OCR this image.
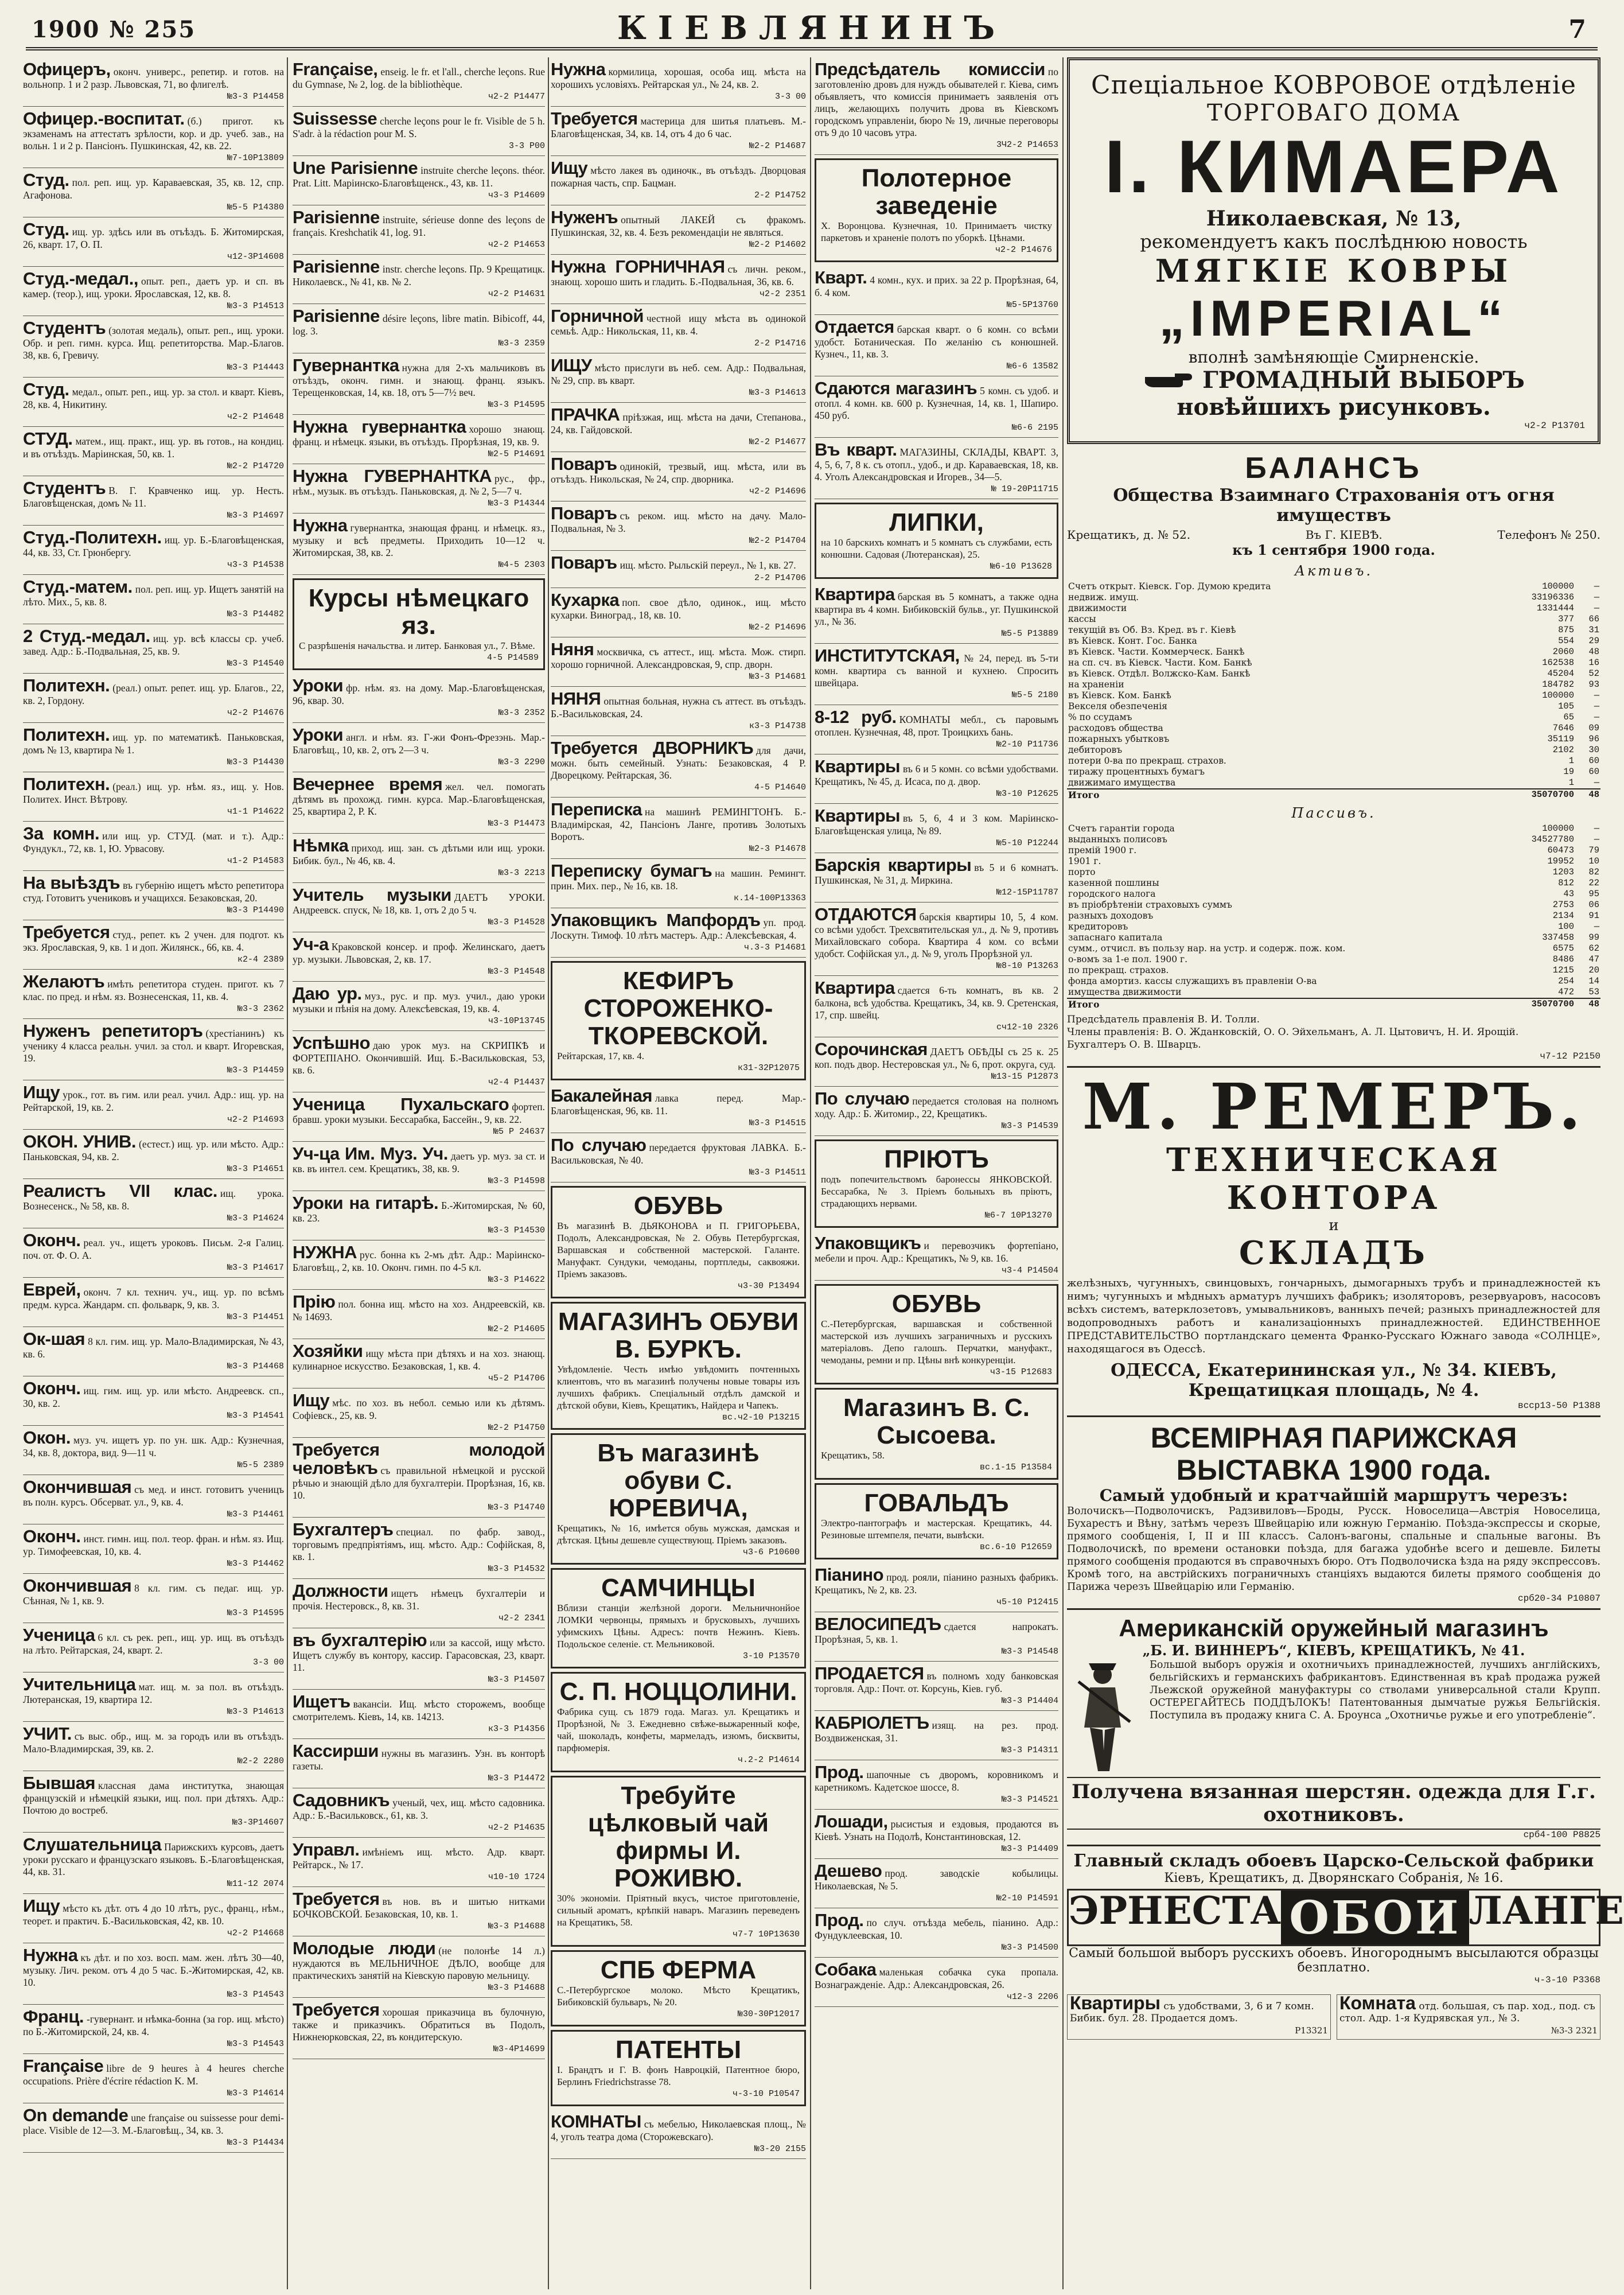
1900 № 255	КІЕВЛЯНИНЪ	7
Офицеръ, оконч. универс., репетир. и готов. на вольнопр. 1 и 2 разр. Львовская, 71, во флигелѣ.
№3-3 Р14458
Офицер.-воспитат. (б.) пригот. къ экзаменамъ на аттестатъ зрѣлости, кор. и др. учеб. зав., на вольн. 1 и 2 р. Пансіонъ. Пушкинская, 42, кв. 22.
№7-10Р13809
Студ. пол. реп. ищ. ур. Караваевская, 35, кв. 12, спр. Агафонова.
№5-5 Р14380
Студ. ищ. ур. здѣсь или въ отъѣздъ. Б. Житомирская, 26, кварт. 17, О. П.
ч12-3Р14608
Студ.-медал., опыт. реп., даетъ ур. и сп. въ камер. (теор.), ищ. уроки. Ярославская, 12, кв. 8.
№3-3 Р14513
Студентъ (золотая медаль), опыт. реп., ищ. уроки. Обр. и реп. гимн. курса. Ищ. репетиторства. Мар.-Благов. 38, кв. 6, Гревичу.
№3-3 Р14443
Студ. медал., опыт. реп., ищ. ур. за стол. и кварт. Кіевъ, 28, кв. 4, Никитину.
ч2-2 Р14648
СТУД. матем., ищ. практ., ищ. ур. въ готов., на кондиц. и въ отъѣздъ. Маріинская, 50, кв. 1.
№2-2 Р14720
Студентъ В. Г. Кравченко ищ. ур. Несть. Благовѣщенская, домъ № 11.
№3-3 Р14697
Студ.-Политехн. ищ. ур. Б.-Благовѣщенская, 44, кв. 33, Ст. Грюнбергу.
ч3-3 Р14538
Студ.-матем. пол. реп. ищ. ур. Ищетъ занятій на лѣто. Мих., 5, кв. 8.
№3-3 Р14482
2 Студ.-медал. ищ. ур. всѣ классы ср. учеб. завед. Адр.: Б.-Подвальная, 25, кв. 9.
№3-3 Р14540
Политехн. (реал.) опыт. репет. ищ. ур. Благов., 22, кв. 2, Гордону.
ч2-2 Р14676
Политехн. ищ. ур. по математикѣ. Паньковская, домъ № 13, квартира № 1.
№3-3 Р14430
Политехн. (реал.) ищ. ур. нѣм. яз., ищ. у. Нов. Политех. Инст. Вѣтрову.
ч1-1 Р14622
За комн. или ищ. ур. СТУД. (мат. и т.). Адр.: Фундукл., 72, кв. 1, Ю. Урвасову.
ч1-2 Р14583
На выѣздъ въ губернію ищетъ мѣсто репетитора студ. Готовитъ учениковъ и учащихся. Безаковская, 20.
№3-3 Р14490
Требуется студ., репет. къ 2 учен. для подгот. къ экз. Ярославская, 9, кв. 1 и доп. Жилянск., 66, кв. 4.
к2-4 2389
Желаютъ имѣть репетитора студен. пригот. къ 7 клас. по пред. и нѣм. яз. Вознесенская, 11, кв. 4.
№3-3 2362
Нуженъ репетиторъ (хрестіанинъ) къ ученику 4 класса реальн. учил. за стол. и кварт. Игоревская, 19.
№3-3 Р14459
Ищу урок., гот. въ гим. или реал. учил. Адр.: ищ. ур. на Рейтарской, 19, кв. 2.
ч2-2 Р14693
ОКОН. УНИВ. (естест.) ищ. ур. или мѣсто. Адр.: Паньковская, 94, кв. 2.
№3-3 Р14651
Реалистъ VII клас. ищ. урока. Вознесенск., № 58, кв. 8.
№3-3 Р14624
Оконч. реал. уч., ищетъ уроковъ. Письм. 2-я Галиц. поч. от. Ф. О. А.
№3-3 Р14617
Еврей, оконч. 7 кл. технич. уч., ищ. ур. по всѣмъ предм. курса. Жандарм. сп. фольварк, 9, кв. 3.
№3-3 Р14451
Ок-шая 8 кл. гим. ищ. ур. Мало-Владимирская, № 43, кв. 6.
№3-3 Р14468
Оконч. ищ. гим. ищ. ур. или мѣсто. Андреевск. сп., 30, кв. 2.
№3-3 Р14541
Окон. муз. уч. ищетъ ур. по ун. шк. Адр.: Кузнечная, 34, кв. 8, доктора, вид. 9—11 ч.
№5-5 2389
Окончившая съ мед. и инст. готовитъ ученицъ въ полн. курсъ. Обсерват. ул., 9, кв. 4.
№3-3 Р14461
Оконч. инст. гимн. ищ. пол. теор. фран. и нѣм. яз. Ищ. ур. Тимофеевская, 10, кв. 4.
№3-3 Р14462
Окончившая 8 кл. гим. съ педаг. ищ. ур. Сѣнная, № 1, кв. 9.
№3-3 Р14595
Ученица 6 кл. съ рек. реп., ищ. ур. ищ. въ отъѣздъ на лѣто. Рейтарская, 24, кварт. 2.
3-3 00
Учительница мат. ищ. м. за пол. въ отъѣздъ. Лютеранская, 19, квартира 12.
№3-3 Р14613
УЧИТ. съ выс. обр., ищ. м. за городъ или въ отъѣздъ. Мало-Владимирская, 39, кв. 2.
№2-2 2280
Бывшая классная дама институтка, знающая французскій и нѣмецкій языки, ищ. пол. при дѣтяхъ. Адр.: Почтою до востреб.
№3-3Р14607
Слушательница Парижскихъ курсовъ, даетъ уроки русскаго и французскаго языковъ. Б.-Благовѣщенская, 44, кв. 31.
№11-12 2074
Ищу мѣсто къ дѣт. отъ 4 до 10 лѣтъ, рус., франц., нѣм., теорет. и практич. Б.-Васильковская, 42, кв. 10.
ч2-2 Р14668
Нужна къ дѣт. и по хоз. восп. мам. жен. лѣтъ 30—40, музыку. Лич. реком. отъ 4 до 5 час. Б.-Житомирская, 42, кв. 10.
№3-3 Р14543
Франц. -гувернант. и нѣмка-бонна (за гор. ищ. мѣсто) по Б.-Житомирской, 24, кв. 4.
№3-3 Р14543
Française libre de 9 heures à 4 heures cherche occupations. Prière d'écrire rédaction K. M.
№3-3 Р14614
On demande une française ou suissesse pour demi-place. Visible de 12—3. М.-Благовѣщ., 34, кв. 3.
№3-3 Р14434
Française, enseig. le fr. et l'all., cherche leçons. Rue du Gymnase, № 2, log. de la bibliothèque.
ч2-2 Р14477
Suissesse cherche leçons pour le fr. Visible de 5 h. S'adr. à la rédaction pour M. S.
3-3 Р00
Une Parisienne instruite cherche leçons. théor. Prat. Litt. Маріинско-Благовѣщенск., 43, кв. 11.
ч3-3 Р14609
Parisienne instruite, sérieuse donne des leçons de français. Kreshchatik 41, log. 91.
ч2-2 Р14653
Parisienne instr. cherche leçons. Пр. 9 Крещатицк. Николаевск., № 41, кв. № 2.
ч2-2 Р14631
Parisienne désire leçons, libre matin. Bibicoff, 44, log. 3.
№3-3 2359
Гувернантка нужна для 2-хъ мальчиковъ въ отъѣздъ, оконч. гимн. и знающ. франц. языкъ. Терещенковская, 14, кв. 18, отъ 5—7½ веч.
№3-3 Р14595
Нужна гувернантка хорошо знающ. франц. и нѣмецк. языки, въ отъѣздъ. Прорѣзная, 19, кв. 9.
№2-5 Р14691
Нужна ГУВЕРНАНТКА рус., фр., нѣм., музык. въ отъѣздъ. Паньковская, д. № 2, 5—7 ч.
№3-3 Р14344
Нужна гувернантка, знающая франц. и нѣмецк. яз., музыку и всѣ предметы. Приходить 10—12 ч. Житомирская, 38, кв. 2.
№4-5 2303
Курсы нѣмецкаго яз.
С разрѣшенія начальства. и литер. Банковая ул., 7. Вѣме.
4-5 Р14589
Уроки фр. нѣм. яз. на дому. Мар.-Благовѣщенская, 96, квар. 30.
№3-3 2352
Уроки англ. и нѣм. яз. Г-жи Фонъ-Фрезэнь. Мар.-Благовѣщ., 10, кв. 2, отъ 2—3 ч.
№3-3 2290
Вечернее время жел. чел. помогать дѣтямъ въ прохожд. гимн. курса. Мар.-Благовѣщенская, 25, квартира 2, Р. К.
№3-3 Р14473
Нѣмка приход. ищ. зан. съ дѣтьми или ищ. уроки. Бибик. бул., № 46, кв. 4.
№3-3 2213
Учитель музыки ДАЕТЪ УРОКИ. Андреевск. спуск, № 18, кв. 1, отъ 2 до 5 ч.
№3-3 Р14528
Уч-а Краковской консер. и проф. Желинскаго, даетъ ур. музыки. Львовская, 2, кв. 17.
№3-3 Р14548
Даю ур. муз., рус. и пр. муз. учил., даю уроки музыки и пѣнія на дому. Алексѣевская, 19, кв. 4.
ч3-10Р13745
Успѣшно даю урок муз. на СКРИПКѢ и ФОРТЕПІАНО. Окончившій. Ищ. Б.-Васильковская, 53, кв. 6.
ч2-4 Р14437
Ученица Пухальскаго фортеп. бравш. уроки музыки. Бессарабка, Бассейн., 9, кв. 22.
№5 Р 24637
Уч-ца Им. Муз. Уч. даетъ ур. муз. за ст. и кв. въ интел. сем. Крещатикъ, 38, кв. 9.
№3-3 Р14598
Уроки на гитарѣ. Б.-Житомирская, № 60, кв. 23.
№3-3 Р14530
НУЖНА рус. бонна къ 2-мъ дѣт. Адр.: Маріинско-Благовѣщ., 2, кв. 10. Оконч. гимн. по 4-5 кл.
№3-3 Р14622
Прію пол. бонна ищ. мѣсто на хоз. Андреевскій, кв. № 14693.
№2-2 Р14605
Хозяйки ищу мѣста при дѣтяхъ и на хоз. знающ. кулинарное искусство. Безаковская, 1, кв. 4.
ч5-2 Р14706
Ищу мѣс. по хоз. въ небол. семью или къ дѣтямъ. Софіевск., 25, кв. 9.
№2-2 Р14750
Требуется молодой человѣкъ съ правильной нѣмецкой и русской рѣчью и знающій дѣло для бухгалтеріи. Прорѣзная, 16, кв. 10.
№3-3 Р14740
Бухгалтеръ специал. по фабр. завод., торговымъ предпріятіямъ, ищ. мѣсто. Адр.: Софійская, 8, кв. 1.
№3-3 Р14532
Должности ищетъ нѣмецъ бухгалтеріи и прочія. Нестеровск., 8, кв. 31.
ч2-2 2341
въ бухгалтерію или за кассой, ищу мѣсто. Ищетъ службу въ контору, кассир. Гарасовская, 23, кварт. 11.
№3-3 Р14507
Ищетъ вакансіи. Ищ. мѣсто сторожемъ, вообще смотрителемъ. Кіевъ, 14, кв. 14213.
к3-3 Р14356
Кассирши нужны въ магазинъ. Узн. въ конторѣ газеты.
№3-3 Р14472
Садовникъ ученый, чех, ищ. мѣсто садовника. Адр.: Б.-Васильковск., 61, кв. 3.
ч2-2 Р14635
Управл. имѣніемъ ищ. мѣсто. Адр. кварт. Рейтарск., № 17.
ч10-10 1724
Требуется въ нов. въ и шитью нитками БОЧКОВСКОЙ. Безаковская, 10, кв. 1.
№3-3 Р14688
Молодые люди (не полонѣе 14 л.) нуждаются въ МЕЛЬНИЧНОЕ ДѢЛО, вообще для практическихъ занятій на Кіевскую паровую мельницу.
№3-3 Р14688
Требуется хорошая приказчица въ булочную, также и приказчикъ. Обратиться въ Подолъ, Нижнеюрковская, 22, въ кондитерскую.
№3-4Р14699
Нужна кормилица, хорошая, особа ищ. мѣста на хорошихъ условіяхъ. Рейтарская ул., № 24, кв. 2.
3-3 00
Требуется мастерица для шитья платьевъ. М.-Благовѣщенская, 34, кв. 14, отъ 4 до 6 час.
№2-2 Р14687
Ищу мѣсто лакея въ одиночк., въ отъѣздъ. Дворцовая пожарная часть, спр. Бацман.
2-2 Р14752
Нуженъ опытный ЛАКЕЙ съ фракомъ. Пушкинская, 32, кв. 4. Безъ рекомендаціи не являться.
№2-2 Р14602
Нужна ГОРНИЧНАЯ съ личн. реком., знающ. хорошо шить и гладить. Б.-Подвальная, 36, кв. 6.
ч2-2 2351
Горничной честной ищу мѣста въ одинокой семьѣ. Адр.: Никольская, 11, кв. 4.
2-2 Р14716
ИЩУ мѣсто прислуги въ неб. сем. Адр.: Подвальная, № 29, спр. въ кварт.
№3-3 Р14613
ПРАЧКА пріѣзжая, ищ. мѣста на дачи, Степанова., 24, кв. Гайдовской.
№2-2 Р14677
Поваръ одинокій, трезвый, ищ. мѣста, или въ отъѣздъ. Никольская, № 24, спр. дворника.
ч2-2 Р14696
Поваръ съ реком. ищ. мѣсто на дачу. Мало-Подвальная, № 3.
№2-2 Р14704
Поваръ ищ. мѣсто. Рыльскій переул., № 1, кв. 27.
2-2 Р14706
Кухарка поп. свое дѣло, одинок., ищ. мѣсто кухарки. Виноград., 18, кв. 10.
№2-2 Р14696
Няня москвичка, съ аттест., ищ. мѣста. Мож. стирп. хорошо горничной. Александровская, 9, спр. дворн.
№3-3 Р14681
НЯНЯ опытная больная, нужна съ аттест. въ отъѣздъ. Б.-Васильковская, 24.
к3-3 Р14738
Требуется ДВОРНИКЪ для дачи, можн. быть семейный. Узнать: Безаковская, 4 Р. Дворецкому. Рейтарская, 36.
4-5 Р14640
Переписка на машинѣ РЕМИНГТОНЪ. Б.-Владимірская, 42, Пансіонъ Ланге, противъ Золотыхъ Воротъ.
№2-3 Р14678
Переписку бумагъ на машин. Ремингт. прин. Мих. пер., № 16, кв. 18.
к.14-100Р13363
Упаковщикъ Мапфордъ уп. прод. Лоскутн. Тимоф. 10 лѣтъ мастеръ. Адр.: Алексѣевская, 4.
ч.3-3 Р14681
КЕФИРЪ СТОРОЖЕНКО-ТКОРЕВСКОЙ.
Рейтарская, 17, кв. 4.
к31-32Р12075
Бакалейная лавка перед. Мар.-Благовѣщенская, 96, кв. 11.
№3-3 Р14515
По случаю передается фруктовая ЛАВКА. Б.-Васильковская, № 40.
№3-3 Р14511
ОБУВЬ
Въ магазинѣ В. ДЬЯКОНОВА и П. ГРИГОРЬЕВА, Подолъ, Александровская, № 2. Обувь Петербургская, Варшавская и собственной мастерской. Галанте. Мануфакт. Сундуки, чемоданы, портпледы, саквояжи. Пріемъ заказовъ.
ч3-30 Р13494
МАГАЗИНЪ ОБУВИ В. БУРКЪ.
Увѣдомленіе. Честь имѣю увѣдомить почтенныхъ клиентовъ, что въ магазинѣ получены новые товары изъ лучшихъ фабрикъ. Спеціальный отдѣлъ дамской и дѣтской обуви, Кіевъ, Крещатикъ, Найдера и Чапекъ.
вс.ч2-10 Р13215
Въ магазинѣ обуви С. ЮРЕВИЧА,
Крещатикъ, № 16, имѣется обувь мужская, дамская и дѣтская. Цѣны дешевле существующ. Пріемъ заказовъ.
ч3-6 Р10600
САМЧИНЦЫ
Вблизи станціи желѣзной дороги. Мельничнонйое ЛОМКИ червонцы, прямыхъ и брусковыхъ, лучшихъ уфимскихъ Цѣны. Адресъ: почтв Нежинъ. Кіевъ. Подольское селеніе. ст. Мельниковой.
3-10 Р13570
С. П. НОЦЦОЛИНИ.
Фабрика сущ. съ 1879 года. Магаз. ул. Крещатикъ и Прорѣзной, № 3. Ежедневно свѣже-выжаренный кофе, чай, шоколадъ, конфеты, мармеладъ, изюмъ, бисквиты, парфюмерія.
ч.2-2 Р14614
Требуйте цѣлковый чай фирмы И. РОЖИВЮ.
30% экономіи. Пріятный вкусъ, чистое приготовленіе, сильный ароматъ, крѣпкій наваръ. Магазинъ переведенъ на Крещатикъ, 58.
ч7-7 10Р13630
СПБ ФЕРМА
С.-Петербургское молоко. Мѣсто Крещатикъ, Бибиковскій бульваръ, № 20.
№30-30Р12017
ПАТЕНТЫ
І. Брандтъ и Г. В. фонъ Навроцкій, Патентное бюро, Берлинъ Friedrichstrasse 78.
ч-3-10 Р10547
КОМНАТЫ съ мебелью, Николаевская площ., № 4, уголъ театра дома (Сторожевскаго).
№3-20 2155
Предсѣдатель комиссіи по заготовленію дровъ для нуждъ обывателей г. Кіева, симъ объявляетъ, что комиссія принимаетъ заявленія отъ лицъ, желающихъ получить дрова въ Кіевскомъ городскомъ управленіи, бюро № 19, личные переговоры отъ 9 до 10 часовъ утра.
3Ч2-2 Р14653
Полотерное заведеніе
Х. Воронцова. Кузнечная, 10. Принимаетъ чистку паркетовъ и храненіе полотъ по уборкѣ. Цѣнами.
ч2-2 Р14676
Кварт. 4 комн., кух. и прих. за 22 р. Прорѣзная, 64, б. 4 ком.
№5-5Р13760
Отдается барская кварт. о 6 комн. со всѣми удобст. Ботаническая. По желанію съ конюшней. Кузнеч., 11, кв. 3.
№6-6 13582
Сдаются магазинъ 5 комн. съ удоб. и отопл. 4 комн. кв. 600 р. Кузнечная, 14, кв. 1, Шапиро. 450 руб.
№6-6 2195
Въ кварт. МАГАЗИНЫ, СКЛАДЫ, КВАРТ. 3, 4, 5, 6, 7, 8 к. съ отопл., удоб., и др. Караваевская, 18, кв. 4. Уголъ Александровская и Игорев., 34—5.
№ 19-20Р11715
ЛИПКИ,
на 10 барскихъ комнатъ и 5 комнатъ съ службами, есть конюшни. Садовая (Лютеранская), 25.
№6-10 Р13628
Квартира барская въ 5 комнатъ, а также одна квартира въ 4 комн. Бибиковскій бульв., уг. Пушкинской ул., № 36.
№5-5 Р13889
ИНСТИТУТСКАЯ, № 24, перед. въ 5-ти комн. квартира съ ванной и кухнею. Спросить швейцара.
№5-5 2180
8-12 руб. КОМНАТЫ мебл., съ паровымъ отоплен. Кузнечная, 48, прот. Троицкихъ бань.
№2-10 Р11736
Квартиры въ 6 и 5 комн. со всѣми удобствами. Крещатикъ, № 45, д. Исаса, по д. двор.
№3-10 Р12625
Квартиры въ 5, 6, 4 и 3 ком. Маріинско-Благовѣщенская улица, № 89.
№5-10 Р12244
Барскія квартиры въ 5 и 6 комнатъ. Пушкинская, № 31, д. Миркина.
№12-15Р11787
ОТДАЮТСЯ барскія квартиры 10, 5, 4 ком. со всѣми удобст. Трехсвятительская ул., д. № 9, противъ Михайловскаго собора. Квартира 4 ком. со всѣми удобст. Софійская ул., д. № 9, уголъ Прорѣзной ул.
№8-10 Р13263
Квартира сдается 6-ть комнатъ, въ кв. 2 балкона, всѣ удобства. Крещатикъ, 34, кв. 9. Сретенская, 17, спр. швейц.
сч12-10 2326
Сорочинская ДАЕТЪ ОБѢДЫ съ 25 к. 25 коп. подъ двор. Нестеровская ул., № 6, прот. округа, суд.
№13-15 Р12873
По случаю передается столовая на полномъ ходу. Адр.: Б. Житомир., 22, Крещатикъ.
№3-3 Р14539
ПРІЮТЪ
подъ попечительствомъ баронессы ЯНКОВСКОЙ. Бессарабка, № 3. Пріемъ больныхъ въ пріютъ, страдающихъ нервами.
№6-7 10Р13270
Упаковщикъ и перевозчикъ фортепіано, мебели и проч. Адр.: Крещатикъ, № 9, кв. 16.
ч3-4 Р14504
ОБУВЬ
С.-Петербургская, варшавская и собственной мастерской изъ лучшихъ заграничныхъ и русскихъ матеріаловъ. Депо галошъ. Перчатки, мануфакт., чемоданы, ремни и пр. Цѣны внѣ конкуренціи.
ч3-15 Р12683
Магазинъ В. С. Сысоева.
Крещатикъ, 58.
вс.1-15 Р13584
ГОВАЛЬДЪ
Электро-пантографъ и мастерская. Крещатикъ, 44. Резиновые штемпеля, печати, вывѣски.
вс.6-10 Р12659
Піанино прод. рояли, піанино разныхъ фабрикъ. Крещатикъ, № 2, кв. 23.
ч5-10 Р12415
ВЕЛОСИПЕДЪ сдается напрокатъ. Прорѣзная, 5, кв. 1.
№3-3 Р14548
ПРОДАЕТСЯ въ полномъ ходу банковская торговля. Адр.: Почт. от. Корсунь, Кіев. губ.
№3-3 Р14404
КАБРІОЛЕТЪ изящ. на рез. прод. Воздвиженская, 31.
№3-3 Р14311
Прод. шапочные съ дворомъ, коровникомъ и каретникомъ. Кадетское шоссе, 8.
№3-3 Р14521
Лошади, рысистыя и ездовыя, продаются въ Кіевѣ. Узнать на Подолѣ, Константиновская, 12.
№3-3 Р14409
Дешево прод. заводскіе кобылицы. Николаевская, № 5.
№2-10 Р14591
Прод. по случ. отъѣзда мебель, піанино. Адр.: Фундуклеевская, 10.
№3-3 Р14500
Собака маленькая собачка сука пропала. Вознагражденіе. Адр.: Александровская, 26.
ч12-3 2206
Спеціальное КОВРОВОЕ отдѣленіе
ТОРГОВАГО ДОМА
І. КИМАЕРА
Николаевская, № 13,
рекомендуетъ какъ послѣднюю новость
МЯГКІЕ КОВРЫ
„IMPERIAL“
вполнѣ замѣняющіе Смирненскіе.
ГРОМАДНЫЙ ВЫБОРЪ
новѣйшихъ рисунковъ.
ч2-2 Р13701
БАЛАНСЪ
Общества Взаимнаго Страхованія отъ огня имуществъ
Крещатикъ, д. № 52.	Въ Г. КІЕВѢ.	Телефонъ № 250.
къ 1 сентября 1900 года.
Активъ.
Счетъ открыт. Кіевск. Гор. Думою кредита	100000	—
недвиж. имущ.	33196336	—
движимости	1331444	—
кассы	377	66
текущій въ Об. Вз. Кред. въ г. Кіевѣ	875	31
въ Кіевск. Конт. Гос. Банка	554	29
въ Кіевск. Части. Коммерческ. Банкѣ	2060	48
на сп. сч. въ Кіевск. Части. Ком. Банкѣ	162538	16
въ Кіевск. Отдѣл. Волжско-Кам. Банкѣ	45204	52
на храненіи	184782	93
въ Кіевск. Ком. Банкѣ	100000	—
Векселя обезпеченія	105	—
% по ссудамъ	65	—
расходовъ общества	7646	09
пожарныхъ убытковъ	35119	96
дебиторовъ	2102	30
потери 0-ва по прекращ. страхов.	1	60
тиражу процентныхъ бумагъ	19	60
движимаго имущества	1	—
Итого	35070700	48
Пассивъ.
Счетъ гарантіи города	100000	—
выданныхъ полисовъ	34527780	—
премій 1900 г.	60473	79
1901 г.	19952	10
порто	1203	82
казенной пошлины	812	22
городского налога	43	95
въ пріобрѣтеніи страховыхъ суммъ	2753	06
разныхъ доходовъ	2134	91
кредиторовъ	100	—
запаснаго капитала	337458	99
сумм., отчисл. въ пользу нар. на устр. и содерж. пож. ком.	6575	62
о-вомъ за 1-е пол. 1900 г.	8486	47
по прекращ. страхов.	1215	20
фонда амортиз. кассы служащихъ въ правленіи О-ва	254	14
имущества движимости	472	53
Итого	35070700	48
Предсѣдатель правленія В. И. Толли.
Члены правленія: В. О. Жданковскій, О. О. Эйхельманъ, А. Л. Цытовичъ, Н. И. Ярощій.
Бухгалтеръ О. В. Шварцъ.
ч7-12 Р2150
М. РЕМЕРЪ.
ТЕХНИЧЕСКАЯ КОНТОРА
и
СКЛАДЪ
желѣзныхъ, чугунныхъ, свинцовыхъ, гончарныхъ, дымогарныхъ трубъ и принадлежностей къ нимъ; чугунныхъ и мѣдныхъ арматуръ лучшихъ фабрикъ; изоляторовъ, резервуаровъ, насосовъ всѣхъ системъ, ватерклозетовъ, умывальниковъ, ванныхъ печей; разныхъ принадлежностей для водопроводныхъ работъ и канализаціонныхъ принадлежностей. ЕДИНСТВЕННОЕ ПРЕДСТАВИТЕЛЬСТВО портландскаго цемента Франко-Русскаго Южнаго завода «СОЛНЦЕ», находящагося въ Одессѣ.
ОДЕССА, Екатерининская ул., № 34. КІЕВЪ, Крещатицкая площадь, № 4.
всср13-50 Р1388
ВСЕМІРНАЯ ПАРИЖСКАЯ ВЫСТАВКА 1900 года.
Самый удобный и кратчайшій маршрутъ черезъ:
Волочискъ—Подволочискъ, Радзивиловъ—Броды, Русск. Новоселица—Австрія Новоселица, Бухарестъ и Вѣну, затѣмъ черезъ Швейцарію или южную Германію. Поѣзда-экспрессы и скорые, прямого сообщенія, I, II и III классъ. Салонъ-вагоны, спальные и спальные вагоны. Въ Подволочискѣ, по времени остановки поѣзда, для багажа удобнѣе всего и дешевле. Билеты прямого сообщенія продаются въ справочныхъ бюро. Отъ Подволочиска ѣзда на ряду экспрессовъ. Кромѣ того, на австрійскихъ пограничныхъ станціяхъ выдаются билеты прямого сообщенія до Парижа черезъ Швейцарію или Германію.
срб20-34 Р10807
Американскій оружейный магазинъ
„Б. И. ВИННЕРЪ“, КІЕВЪ, КРЕЩАТИКЪ, № 41.
Большой выборъ оружія и охотничьихъ принадлежностей, лучшихъ англійскихъ, бельгійскихъ и германскихъ фабрикантовъ. Единственная въ краѣ продажа ружей Льежской оружейной мануфактуры со стволами универсальной стали Крупп. ОСТЕРЕГАЙТЕСЬ ПОДДЪЛОКЪ! Патентованныя дымчатые ружья Бельгійскія. Поступила въ продажу книга С. А. Броунса „Охотничье ружье и его употребленіе“.
Полученa вязанная шерстян. одежда для Г.г. охотниковъ.
срб4-100 Р8825
Главный складъ обоевъ Царско-Сельской фабрики
Кіевъ, Крещатикъ, д. Дворянскаго Собранія, № 16.
ЭРНЕСТА ОБОИ ЛАНГЕ
Самый большой выборъ русскихъ обоевъ. Иногороднымъ высылаются образцы безплатно.
ч-3-10 Р3368
Квартиры съ удобствами, 3, 6 и 7 комн. Бибик. бул. 28. Продается домъ.
Р13321
Комната отд. большая, съ пар. ход., под. съ стол. Адр. 1-я Кудрявская ул., № 3.
№3-3 2321
